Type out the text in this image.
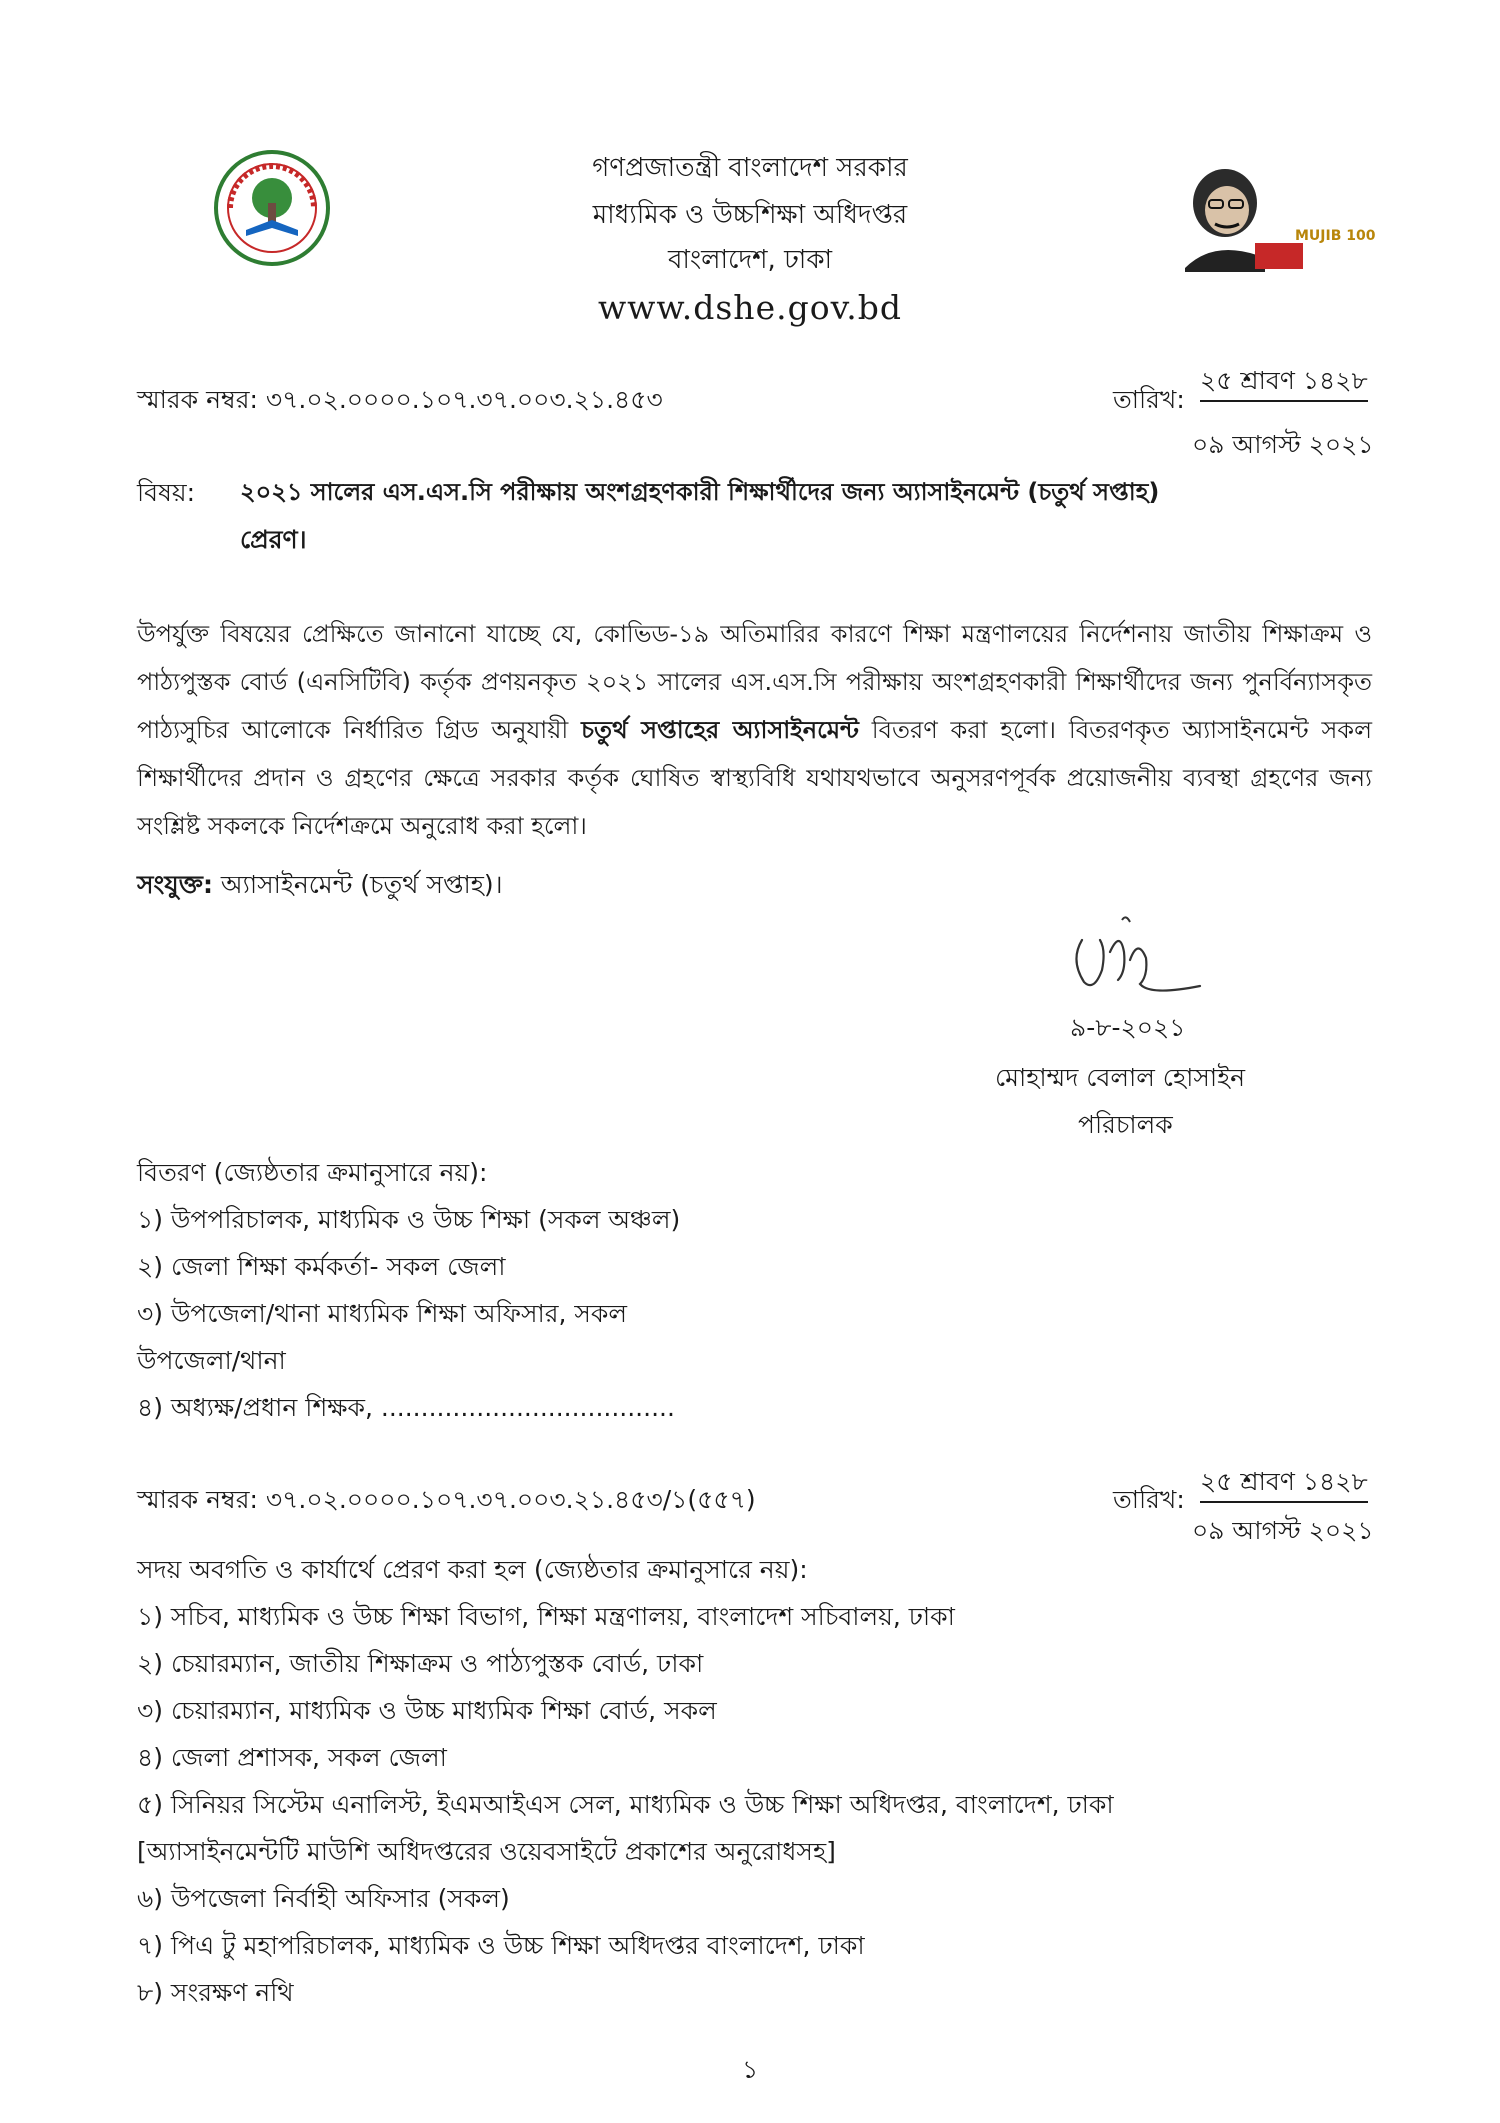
গণপ্রজাতন্ত্রী বাংলাদেশ সরকার
মাধ্যমিক ও উচ্চশিক্ষা অধিদপ্তর
বাংলাদেশ, ঢাকা
www.dshe.gov.bd
MUJIB 100
স্মারক নম্বর: ৩৭.০২.০০০০.১০৭.৩৭.০০৩.২১.৪৫৩	তারিখ:
২৫ শ্রাবণ ১৪২৮
০৯ আগস্ট ২০২১
বিষয়: ২০২১ সালের এস.এস.সি পরীক্ষায় অংশগ্রহণকারী শিক্ষার্থীদের জন্য অ্যাসাইনমেন্ট (চতুর্থ সপ্তাহ)
প্রেরণ।
উপর্যুক্ত বিষয়ের প্রেক্ষিতে জানানো যাচ্ছে যে, কোভিড-১৯ অতিমারির কারণে শিক্ষা মন্ত্রণালয়ের নির্দেশনায় জাতীয় শিক্ষাক্রম ও পাঠ্যপুস্তক বোর্ড (এনসিটিবি) কর্তৃক প্রণয়নকৃত ২০২১ সালের এস.এস.সি পরীক্ষায় অংশগ্রহণকারী শিক্ষার্থীদের জন্য পুনর্বিন্যাসকৃত পাঠ্যসুচির আলোকে নির্ধারিত গ্রিড অনুযায়ী চতুর্থ সপ্তাহের অ্যাসাইনমেন্ট বিতরণ করা হলো। বিতরণকৃত অ্যাসাইনমেন্ট সকল শিক্ষার্থীদের প্রদান ও গ্রহণের ক্ষেত্রে সরকার কর্তৃক ঘোষিত স্বাস্থ্যবিধি যথাযথভাবে অনুসরণপূর্বক প্রয়োজনীয় ব্যবস্থা গ্রহণের জন্য সংশ্লিষ্ট সকলকে নির্দেশক্রমে অনুরোধ করা হলো।
সংযুক্ত: অ্যাসাইনমেন্ট (চতুর্থ সপ্তাহ)।
৯-৮-২০২১
মোহাম্মদ বেলাল হোসাইন
পরিচালক
বিতরণ (জ্যেষ্ঠতার ক্রমানুসারে নয়):
১) উপপরিচালক, মাধ্যমিক ও উচ্চ শিক্ষা (সকল অঞ্চল)
২) জেলা শিক্ষা কর্মকর্তা- সকল জেলা
৩) উপজেলা/থানা মাধ্যমিক শিক্ষা অফিসার, সকল
উপজেলা/থানা
৪) অধ্যক্ষ/প্রধান শিক্ষক, .....................................
স্মারক নম্বর: ৩৭.০২.০০০০.১০৭.৩৭.০০৩.২১.৪৫৩/১(৫৫৭)	তারিখ:
২৫ শ্রাবণ ১৪২৮
০৯ আগস্ট ২০২১
সদয় অবগতি ও কার্যার্থে প্রেরণ করা হল (জ্যেষ্ঠতার ক্রমানুসারে নয়):
১) সচিব, মাধ্যমিক ও উচ্চ শিক্ষা বিভাগ, শিক্ষা মন্ত্রণালয়, বাংলাদেশ সচিবালয়, ঢাকা
২) চেয়ারম্যান, জাতীয় শিক্ষাক্রম ও পাঠ্যপুস্তক বোর্ড, ঢাকা
৩) চেয়ারম্যান, মাধ্যমিক ও উচ্চ মাধ্যমিক শিক্ষা বোর্ড, সকল
৪) জেলা প্রশাসক, সকল জেলা
৫) সিনিয়র সিস্টেম এনালিস্ট, ইএমআইএস সেল, মাধ্যমিক ও উচ্চ শিক্ষা অধিদপ্তর, বাংলাদেশ, ঢাকা
[অ্যাসাইনমেন্টটি মাউশি অধিদপ্তরের ওয়েবসাইটে প্রকাশের অনুরোধসহ]
৬) উপজেলা নির্বাহী অফিসার (সকল)
৭) পিএ টু মহাপরিচালক, মাধ্যমিক ও উচ্চ শিক্ষা অধিদপ্তর বাংলাদেশ, ঢাকা
৮) সংরক্ষণ নথি
১
